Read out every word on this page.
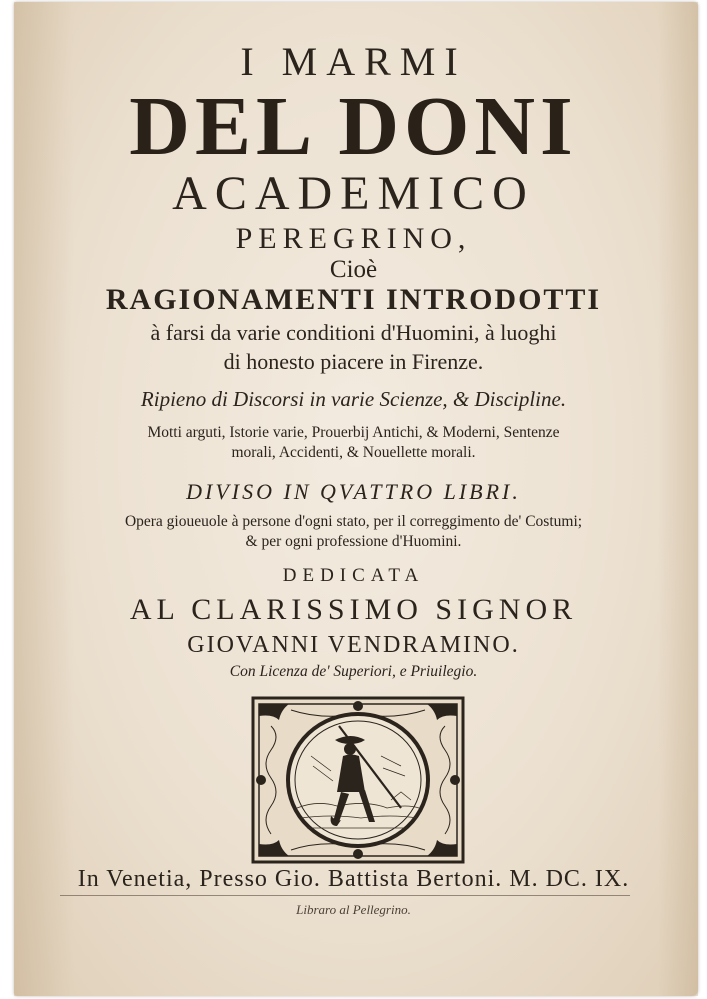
I MARMI
DEL DONI
ACADEMICO
PEREGRINO,
Cioè
RAGIONAMENTI INTRODOTTI
à farsi da varie conditioni d'Huomini, à luoghi
di honesto piacere in Firenze.
Ripieno di Discorsi in varie Scienze, & Discipline.
Motti arguti, Istorie varie, Prouerbij Antichi, & Moderni, Sentenze
morali, Accidenti, & Nouellette morali.
DIVISO IN QVATTRO LIBRI.
Opera gioueuole à persone d'ogni stato, per il correggimento de' Costumi;
& per ogni professione d'Huomini.
DEDICATA
AL CLARISSIMO SIGNOR
GIOVANNI VENDRAMINO.
Con Licenza de' Superiori, e Priuilegio.
In Venetia, Presso Gio. Battista Bertoni. M. DC. IX.
Libraro al Pellegrino.
